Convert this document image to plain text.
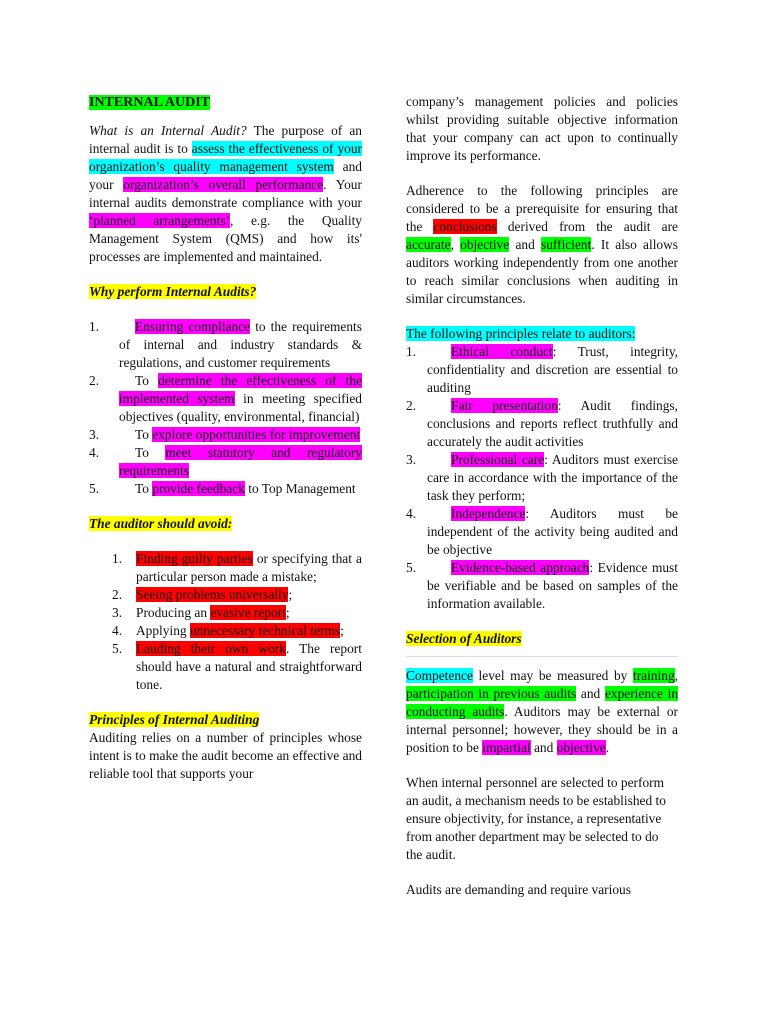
INTERNAL AUDIT

What is an Internal Audit? The purpose of an internal audit is to assess the effectiveness of your organization’s quality management system and your organization’s overall performance. Your internal audits demonstrate compliance with your ‘planned arrangements’, e.g. the Quality Management System (QMS) and how its' processes are implemented and maintained.

Why perform Internal Audits?

1.	Ensuring compliance to the requirements of internal and industry standards & regulations, and customer requirements
2.	To determine the effectiveness of the implemented system in meeting specified objectives (quality, environmental, financial)
3.	To explore opportunities for improvement
4.	To meet statutory and regulatory requirements
5.	To provide feedback to Top Management

The auditor should avoid:

1. Finding guilty parties or specifying that a particular person made a mistake;
2. Seeing problems universally;
3. Producing an evasive report;
4. Applying unnecessary technical terms;
5. Lauding their own work. The report should have a natural and straightforward tone.

Principles of Internal Auditing

Auditing relies on a number of principles whose intent is to make the audit become an effective and reliable tool that supports your

company’s management policies and policies whilst providing suitable objective information that your company can act upon to continually improve its performance.

Adherence to the following principles are considered to be a prerequisite for ensuring that the conclusions derived from the audit are accurate, objective and sufficient. It also allows auditors working independently from one another to reach similar conclusions when auditing in similar circumstances.

The following principles relate to auditors:

1.	Ethical conduct: Trust, integrity, confidentiality and discretion are essential to auditing
2.	Fair presentation: Audit findings, conclusions and reports reflect truthfully and accurately the audit activities
3.	Professional care: Auditors must exercise care in accordance with the importance of the task they perform;
4.	Independence: Auditors must be independent of the activity being audited and be objective
5.	Evidence-based approach: Evidence must be verifiable and be based on samples of the information available.

Selection of Auditors

Competence level may be measured by training, participation in previous audits and experience in conducting audits. Auditors may be external or internal personnel; however, they should be in a position to be impartial and objective.

When internal personnel are selected to perform an audit, a mechanism needs to be established to ensure objectivity, for instance, a representative from another department may be selected to do the audit.

Audits are demanding and require various
